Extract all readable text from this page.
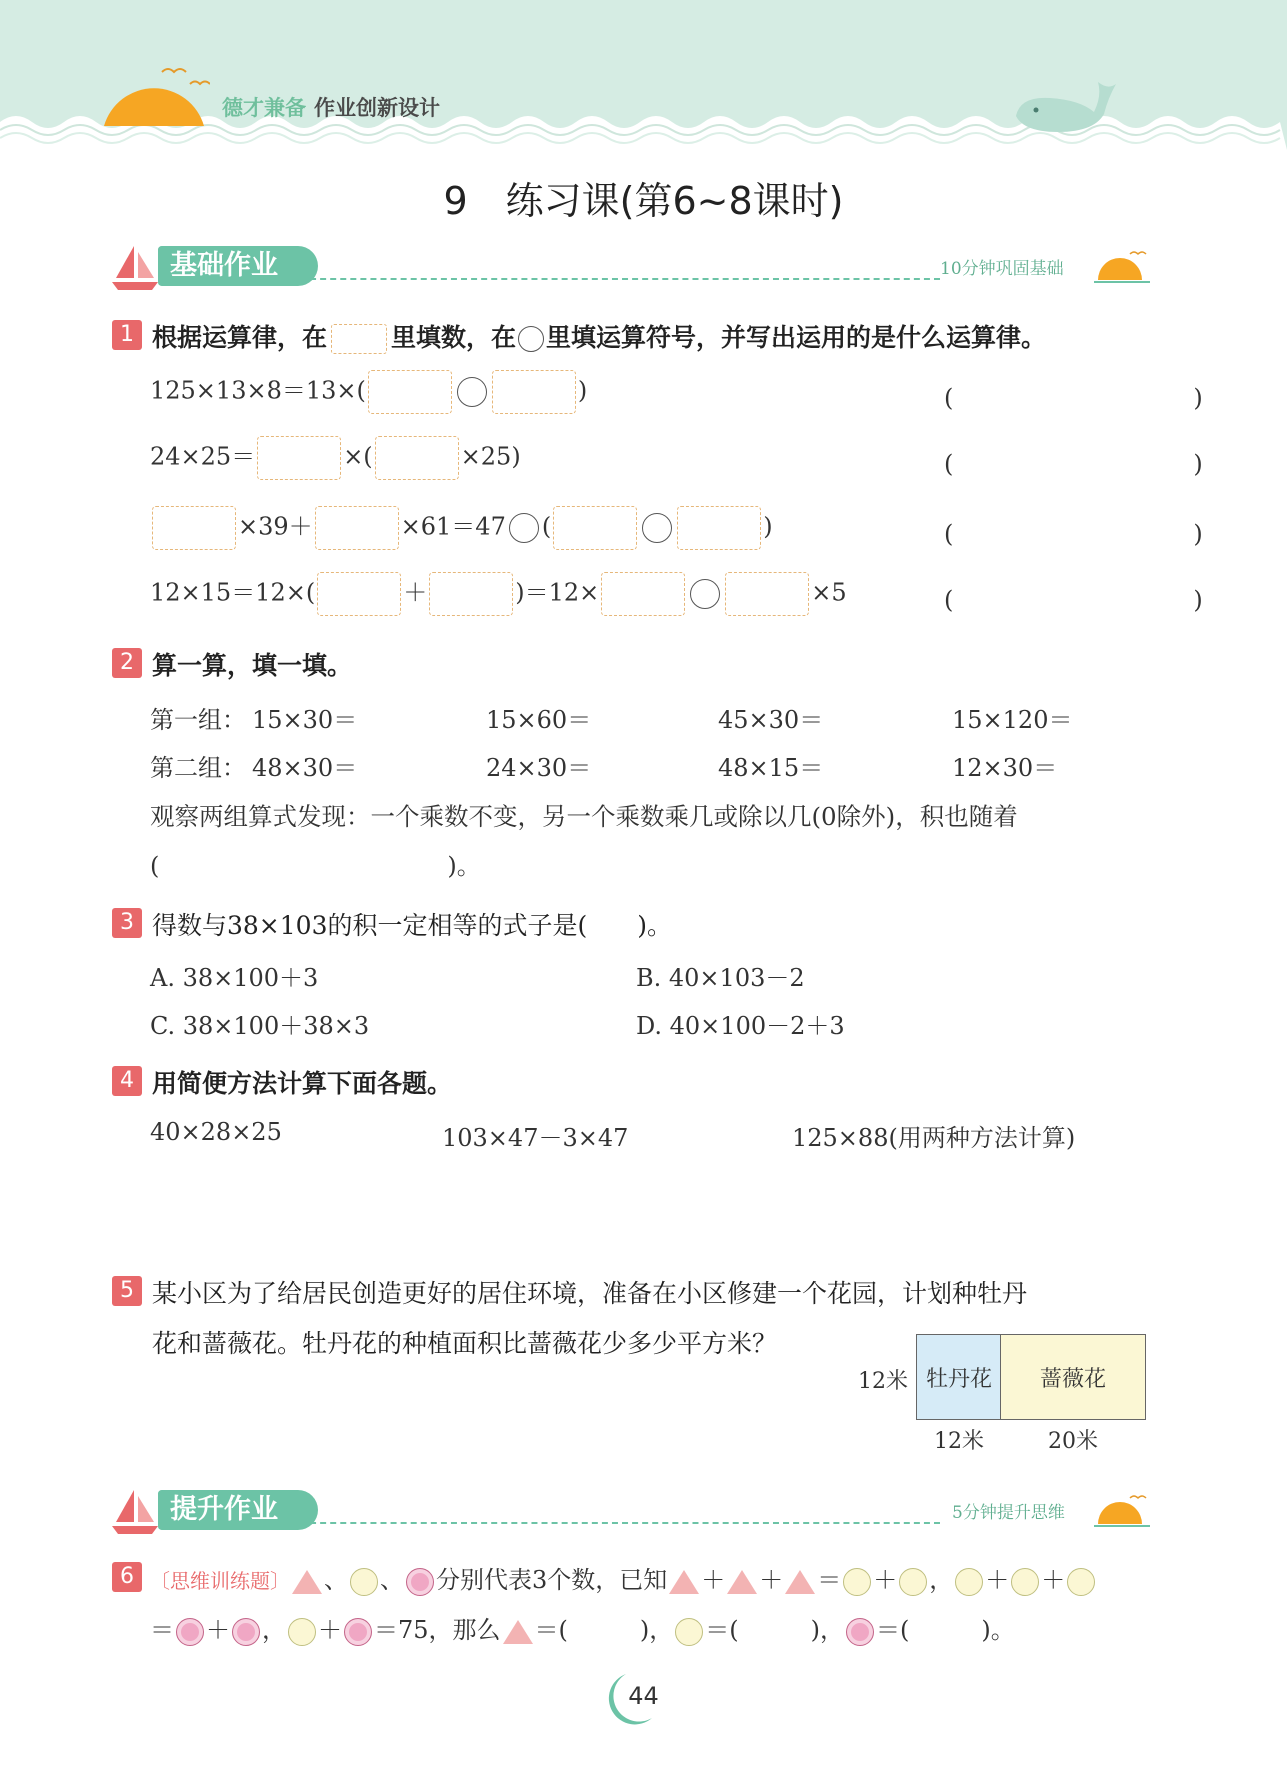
德才兼备 作业创新设计
9　练习课(第6~8课时)
基础作业	10分钟巩固基础
1 根据运算律，在	里填数，在 里填运算符号，并写出运用的是什么运算律。
125×13×8＝13×(	)	(　　　　　　　　　　)
24×25＝	×(	×25)	(　　　　　　　　　　)
×39＋	×61＝47 (	)	(　　　　　　　　　　)
12×15＝12×(	＋	)＝12×	×5	(　　　　　　　　　　)
2 算一算，填一填。
第一组： 15×30＝	15×60＝	45×30＝	15×120＝
第二组： 48×30＝	24×30＝	48×15＝	12×30＝
观察两组算式发现：一个乘数不变，另一个乘数乘几或除以几(0除外)，积也随着
(　　　　　　　　　　　　)。
3 得数与38×103的积一定相等的式子是(　　)。
A. 38×100＋3	B. 40×103－2
C. 38×100＋38×3	D. 40×100－2＋3
4 用简便方法计算下面各题。
40×28×25	103×47－3×47	125×88(用两种方法计算)
5 某小区为了给居民创造更好的居住环境，准备在小区修建一个花园，计划种牡丹
花和蔷薇花。牡丹花的种植面积比蔷薇花少多少平方米？
12米 牡丹花 蔷薇花
12米	20米
提升作业	5分钟提升思维
6 〔思维训练题〕 、 、 分别代表3个数，已知 ＋ ＋ ＝ ＋ ， ＋ ＋
＝ ＋ ， ＋ ＝75，那么 ＝(　　　)， ＝(　　　)， ＝(　　　)。
44
